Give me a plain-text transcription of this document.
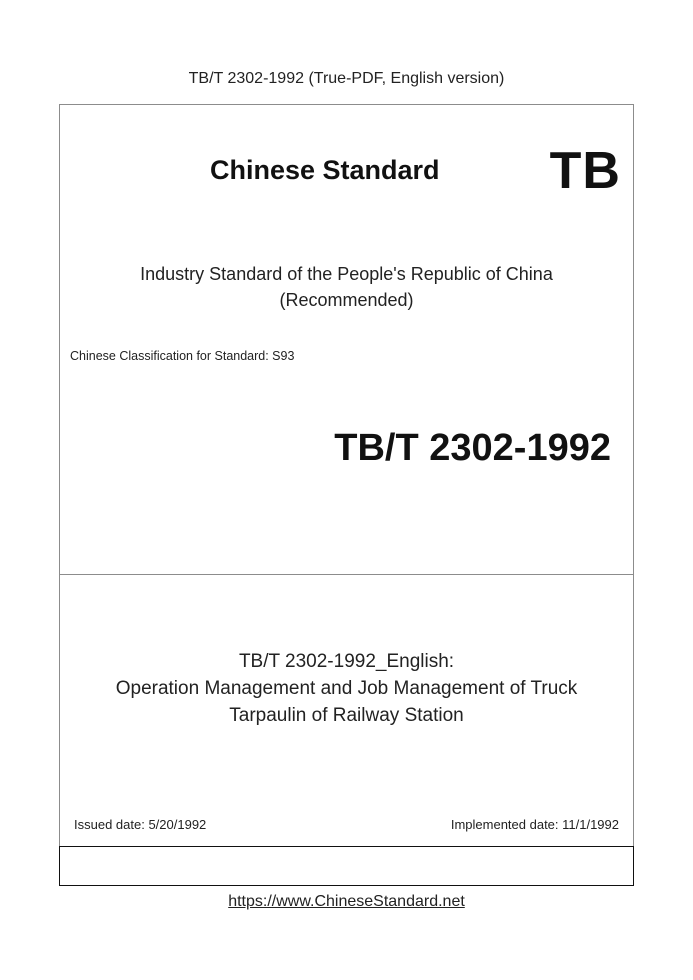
TB/T 2302-1992 (True-PDF, English version)
Chinese Standard TB
Industry Standard of the People's Republic of China
(Recommended)
Chinese Classification for Standard: S93
TB/T 2302-1992
TB/T 2302-1992_English:
Operation Management and Job Management of Truck
Tarpaulin of Railway Station
Issued date: 5/20/1992	Implemented date: 11/1/1992
https://www.ChineseStandard.net
